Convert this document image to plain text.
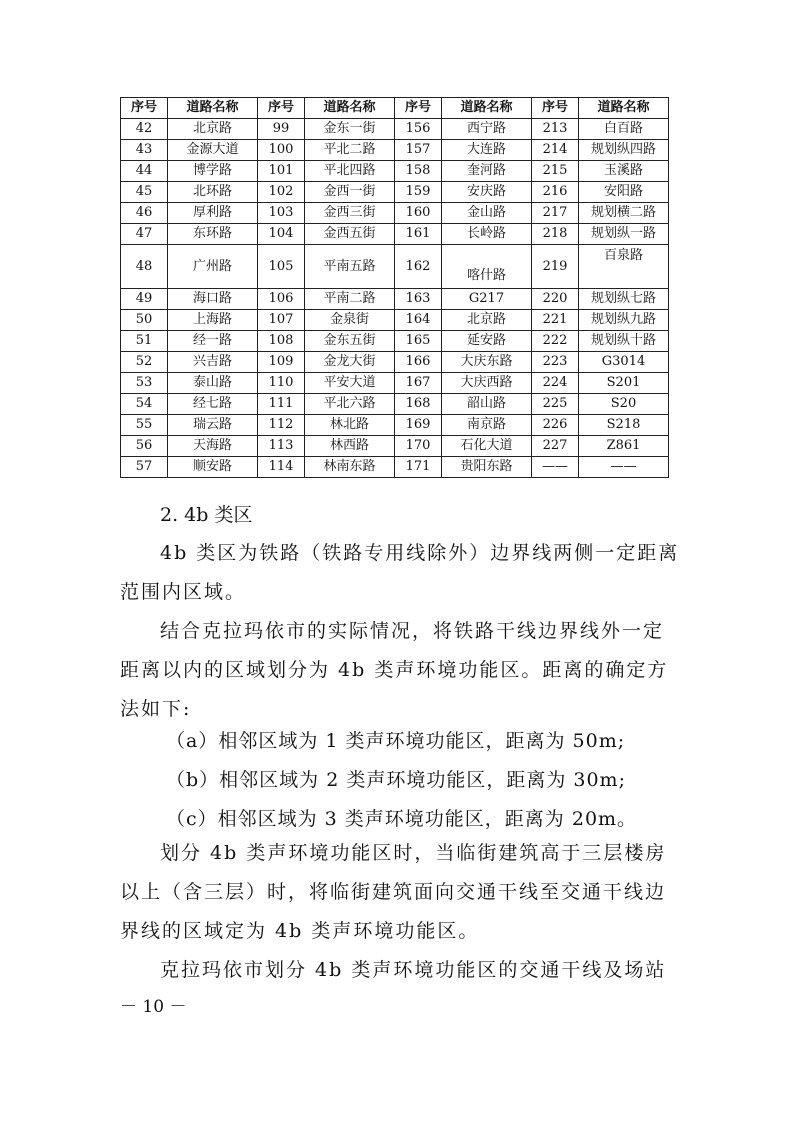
序号	道路名称	序号	道路名称	序号	道路名称	序号	道路名称
42	北京路	99	金东一街	156	西宁路	213	白百路
43	金源大道	100	平北二路	157	大连路	214	规划纵四路
44	博学路	101	平北四路	158	奎河路	215	玉溪路
45	北环路	102	金西一街	159	安庆路	216	安阳路
46	厚利路	103	金西三街	160	金山路	217	规划横二路
47	东环路	104	金西五街	161	长岭路	218	规划纵一路
48	广州路	105	平南五路	162	喀什路	219	百泉路
49	海口路	106	平南二路	163	G217	220	规划纵七路
50	上海路	107	金泉街	164	北京路	221	规划纵九路
51	经一路	108	金东五街	165	延安路	222	规划纵十路
52	兴吉路	109	金龙大街	166	大庆东路	223	G3014
53	泰山路	110	平安大道	167	大庆西路	224	S201
54	经七路	111	平北六路	168	韶山路	225	S20
55	瑞云路	112	林北路	169	南京路	226	S218
56	天海路	113	林西路	170	石化大道	227	Z861
57	顺安路	114	林南东路	171	贵阳东路	——	——
2. 4b 类区

4b 类区为铁路（铁路专用线除外）边界线两侧一定距离范围内区域。

结合克拉玛依市的实际情况，将铁路干线边界线外一定距离以内的区域划分为 4b 类声环境功能区。距离的确定方法如下:

（a）相邻区域为 1 类声环境功能区，距离为 50m;

（b）相邻区域为 2 类声环境功能区，距离为 30m;

（c）相邻区域为 3 类声环境功能区，距离为 20m。

划分 4b 类声环境功能区时，当临街建筑高于三层楼房以上（含三层）时，将临街建筑面向交通干线至交通干线边界线的区域定为 4b 类声环境功能区。

克拉玛依市划分 4b 类声环境功能区的交通干线及场站

－ 10 －
